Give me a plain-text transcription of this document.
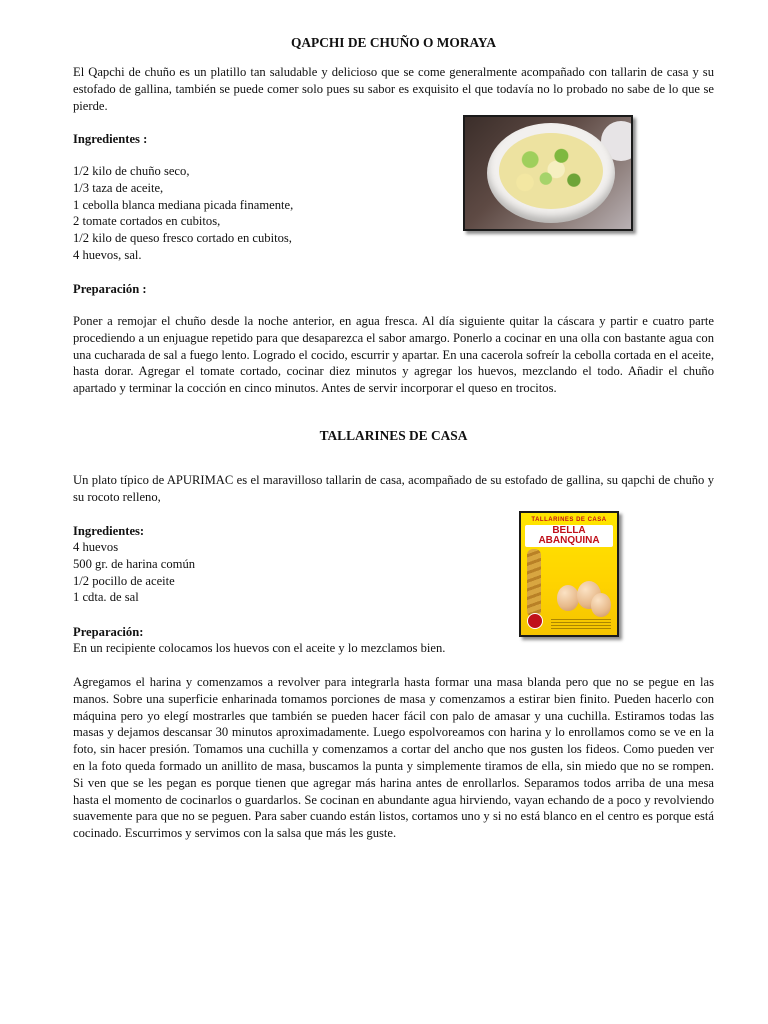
QAPCHI DE CHUÑO O MORAYA

El Qapchi de chuño es un platillo tan saludable y delicioso que se come generalmente acompañado con tallarin de casa y su estofado de gallina, también se puede comer solo pues su sabor es exquisito el que todavía no lo probado no sabe de lo que se pierde.

Ingredientes :

1/2 kilo de chuño seco,
1/3 taza de aceite,
1 cebolla blanca mediana picada finamente,
2 tomate cortados en cubitos,
1/2 kilo de queso fresco cortado en cubitos,
4 huevos, sal.

Preparación :

Poner a remojar el chuño desde la noche anterior, en agua fresca. Al día siguiente quitar la cáscara y partir e cuatro parte procediendo a un enjuague repetido para que desaparezca el sabor amargo. Ponerlo a cocinar en una olla con bastante agua con una cucharada de sal a fuego lento. Logrado el cocido, escurrir y apartar. En una cacerola sofreír la cebolla cortada en el aceite, hasta dorar. Agregar el tomate cortado, cocinar diez minutos y agregar los huevos, mezclando el todo. Añadir el chuño apartado y terminar la cocción en cinco minutos. Antes de servir incorporar el queso en trocitos.

TALLARINES DE CASA

Un plato típico de APURIMAC es el maravilloso tallarin de casa, acompañado de su estofado de gallina, su qapchi de chuño y su rocoto relleno,

Ingredientes:

4 huevos
500 gr. de harina común
1/2 pocillo de aceite
1 cdta. de sal

Preparación:

En un recipiente colocamos los huevos con el aceite y lo mezclamos bien.

Agregamos el harina y comenzamos a revolver para integrarla hasta formar una masa blanda pero que no se pegue en las manos. Sobre una superficie enharinada tomamos porciones de masa y comenzamos a estirar bien finito. Pueden hacerlo con máquina pero yo elegí mostrarles que también se pueden hacer fácil con palo de amasar y una cuchilla. Estiramos todas las masas y dejamos descansar 30 minutos aproximadamente. Luego espolvoreamos con harina y lo enrollamos como se ve en la foto, sin hacer presión. Tomamos una cuchilla y comenzamos a cortar del ancho que nos gusten los fideos. Como pueden ver en la foto queda formado un anillito de masa, buscamos la punta y simplemente tiramos de ella, sin miedo que no se rompen. Si ven que se les pegan es porque tienen que agregar más harina antes de enrollarlos. Separamos todos arriba de una mesa hasta el momento de cocinarlos o guardarlos. Se cocinan en abundante agua hirviendo, vayan echando de a poco y revolviendo suavemente para que no se peguen. Para saber cuando están listos, cortamos uno y si no está blanco en el centro es porque está cocinado. Escurrimos y servimos con la salsa que más les guste.

TALLARINES DE CASA
BELLA ABANQUINA
